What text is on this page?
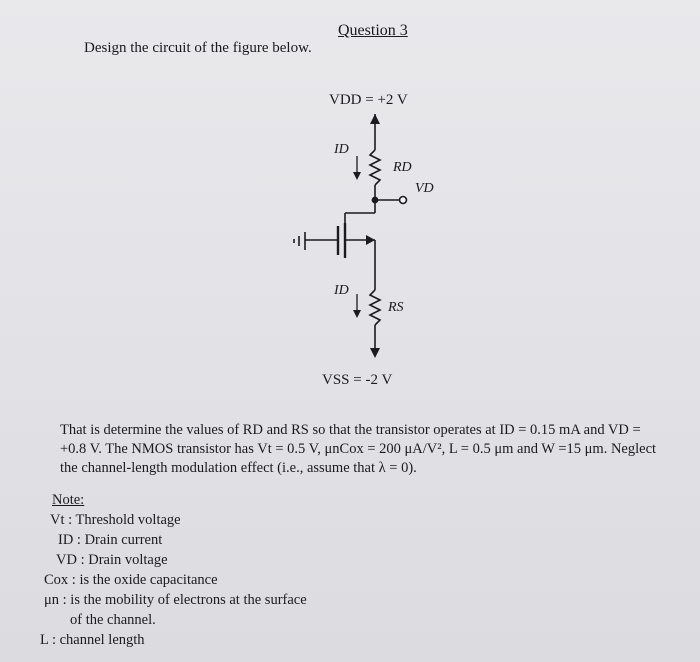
Question 3
Design the circuit of the figure below.
VDD = +2 V
ID
RD
VD
ID
RS
VSS = -2 V
That is determine the values of RD and RS so that the transistor operates at ID = 0.15 mA and VD = +0.8 V. The NMOS transistor has Vt = 0.5 V, μnCox = 200 μA/V², L = 0.5 μm and W =15 μm. Neglect the channel-length modulation effect (i.e., assume that λ = 0).
Note:
Vt : Threshold voltage
ID : Drain current
VD : Drain voltage
Cox : is the oxide capacitance
μn : is the mobility of electrons at the surface
of the channel.
L : channel length
